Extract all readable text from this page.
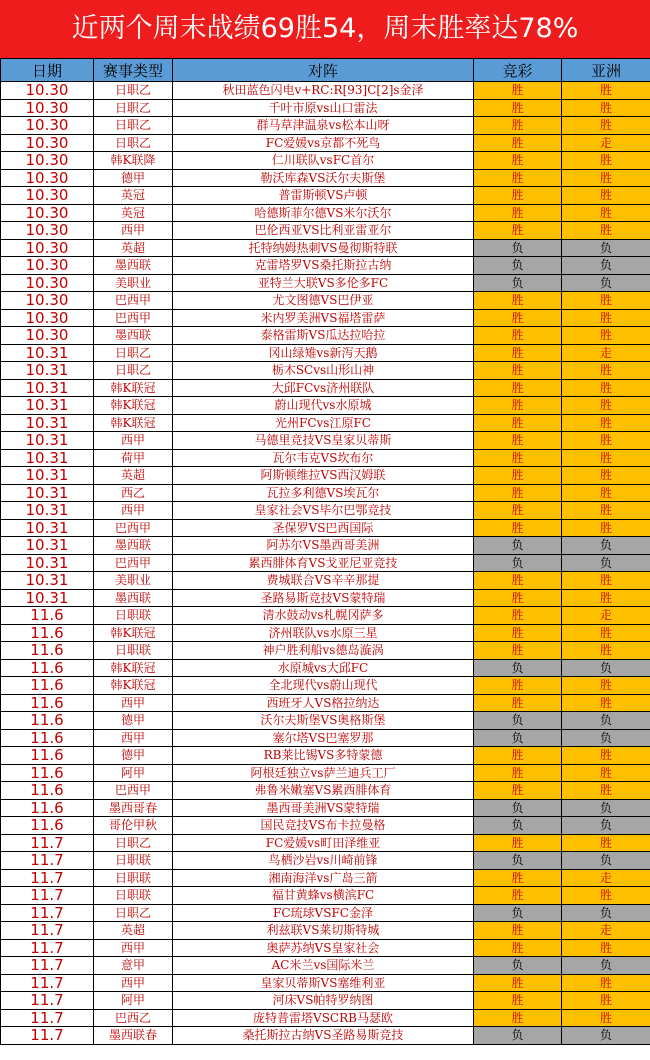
近两个周末战绩69胜54，周末胜率达78%
日期	赛事类型	对阵	竞彩	亚洲
10.30	日职乙	秋田蓝色闪电v+RC:R[93]C[2]s金泽	胜	胜
10.30	日职乙	千叶市原vs山口雷法	胜	胜
10.30	日职乙	群马草津温泉vs松本山呀	胜	胜
10.30	日职乙	FC爱媛vs京都不死鸟	胜	走
10.30	韩K联降	仁川联队vsFC首尔	胜	胜
10.30	德甲	勒沃库森VS沃尔夫斯堡	胜	胜
10.30	英冠	普雷斯顿VS卢顿	胜	胜
10.30	英冠	哈德斯菲尔德VS米尔沃尔	胜	胜
10.30	西甲	巴伦西亚VS比利亚雷亚尔	胜	胜
10.30	英超	托特纳姆热刺VS曼彻斯特联	负	负
10.30	墨西联	克雷塔罗VS桑托斯拉古纳	负	负
10.30	美职业	亚特兰大联VS多伦多FC	负	负
10.30	巴西甲	尤文图德VS巴伊亚	胜	胜
10.30	巴西甲	米内罗美洲VS福塔雷萨	胜	胜
10.30	墨西联	泰格雷斯VS瓜达拉哈拉	胜	胜
10.31	日职乙	冈山绿雉vs新泻天鹅	胜	走
10.31	日职乙	栃木SCvs山形山神	胜	胜
10.31	韩K联冠	大邱FCvs济州联队	胜	胜
10.31	韩K联冠	蔚山现代vs水原城	胜	胜
10.31	韩K联冠	光州FCvs江原FC	胜	胜
10.31	西甲	马德里竞技VS皇家贝蒂斯	胜	胜
10.31	荷甲	瓦尔韦克VS坎布尔	胜	胜
10.31	英超	阿斯顿维拉VS西汉姆联	胜	胜
10.31	西乙	瓦拉多利德VS埃瓦尔	胜	胜
10.31	西甲	皇家社会VS毕尔巴鄂竞技	胜	胜
10.31	巴西甲	圣保罗VS巴西国际	胜	胜
10.31	墨西联	阿苏尔VS墨西哥美洲	负	负
10.31	巴西甲	累西腓体育VS戈亚尼亚竞技	负	负
10.31	美职业	费城联合VS辛辛那提	胜	胜
10.31	墨西联	圣路易斯竞技VS蒙特瑞	胜	胜
11.6	日职联	清水鼓动vs札幌冈萨多	胜	走
11.6	韩K联冠	济州联队vs水原三星	胜	胜
11.6	日职联	神户胜利船vs德岛漩涡	胜	胜
11.6	韩K联冠	水原城vs大邱FC	负	负
11.6	韩K联冠	全北现代vs蔚山现代	胜	胜
11.6	西甲	西班牙人VS格拉纳达	胜	胜
11.6	德甲	沃尔夫斯堡VS奥格斯堡	负	负
11.6	西甲	塞尔塔VS巴塞罗那	负	负
11.6	德甲	RB莱比锡VS多特蒙德	胜	胜
11.6	阿甲	阿根廷独立vs萨兰迪兵工厂	胜	胜
11.6	巴西甲	弗鲁米嫩塞VS累西腓体育	胜	胜
11.6	墨西哥春	墨西哥美洲VS蒙特瑞	负	负
11.6	哥伦甲秋	国民竞技VS布卡拉曼格	负	负
11.7	日职乙	FC爱媛vs町田泽维亚	胜	胜
11.7	日职联	鸟栖沙岩vs川崎前锋	负	负
11.7	日职联	湘南海洋vs广岛三箭	胜	走
11.7	日职联	福甘黄蜂vs横滨FC	胜	胜
11.7	日职乙	FC琉球VSFC金泽	负	负
11.7	英超	利兹联VS莱切斯特城	胜	走
11.7	西甲	奥萨苏纳VS皇家社会	胜	胜
11.7	意甲	AC米兰vs国际米兰	负	负
11.7	西甲	皇家贝蒂斯VS塞维利亚	胜	胜
11.7	阿甲	河床VS帕特罗纳图	胜	胜
11.7	巴西乙	庞特普雷塔VSCRB马瑟欧	胜	胜
11.7	墨西联春	桑托斯拉古纳VS圣路易斯竞技	负	负
